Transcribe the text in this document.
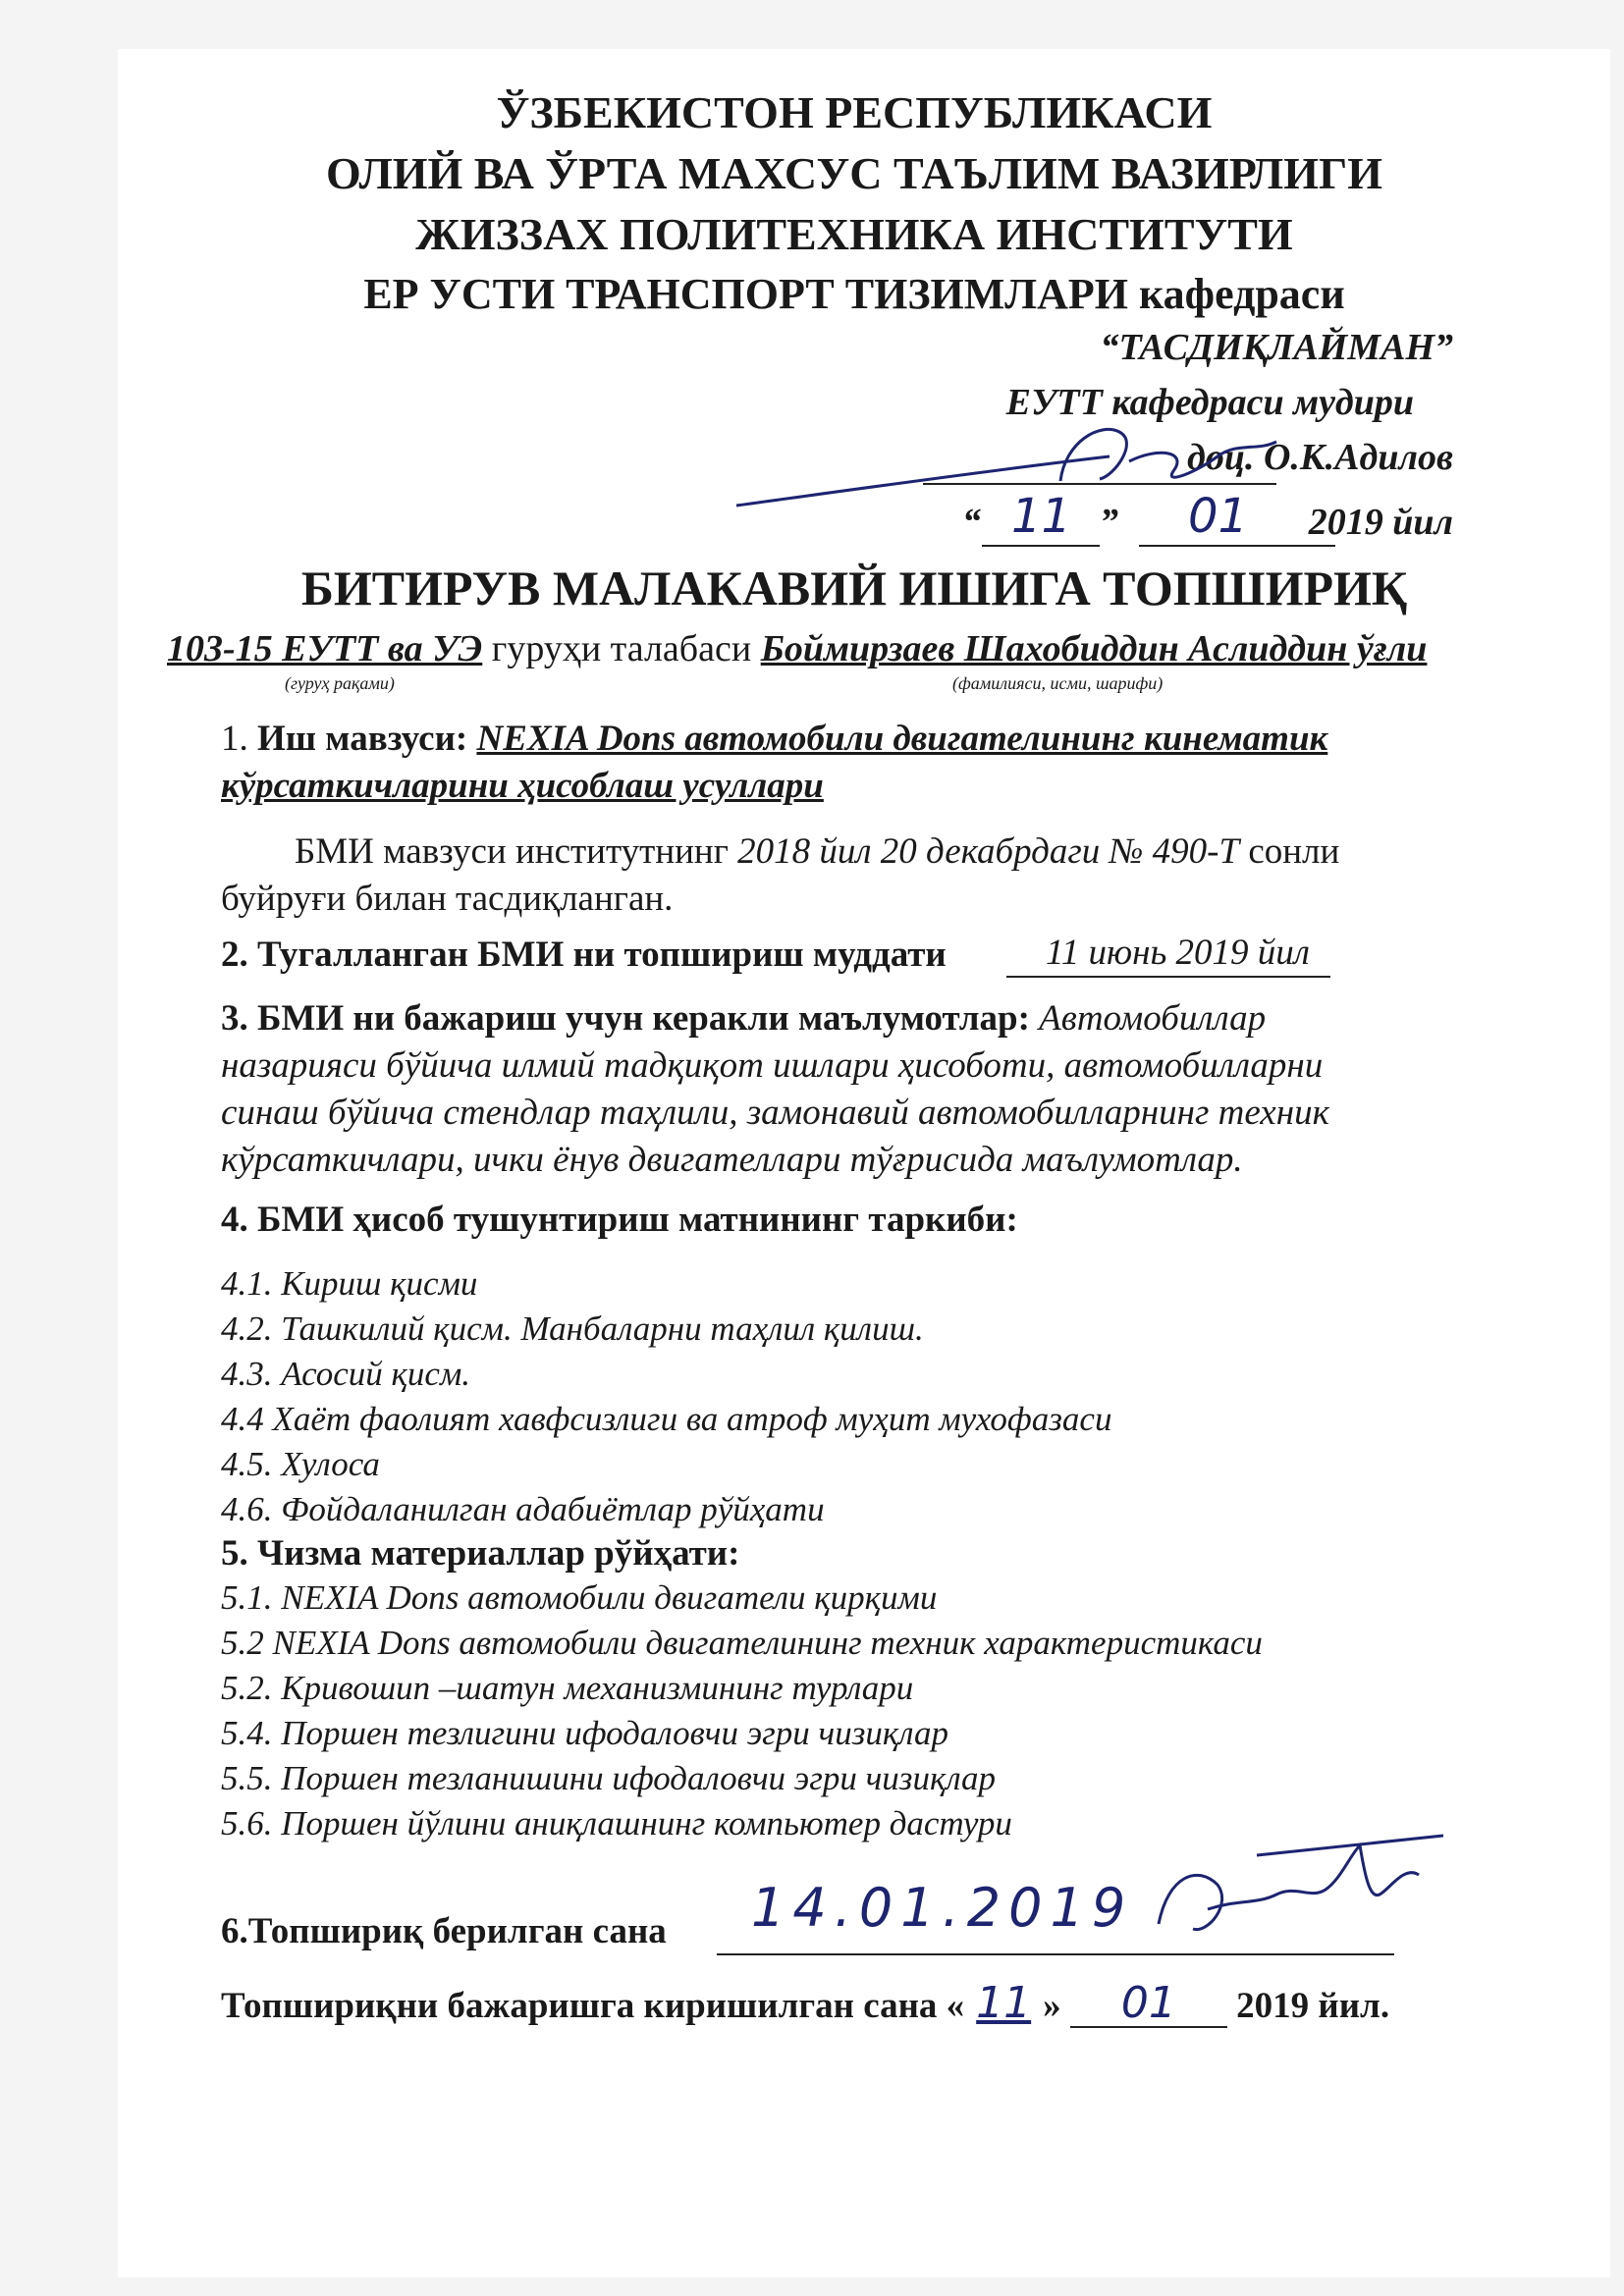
ЎЗБЕКИСТОН РЕСПУБЛИКАСИ
ОЛИЙ ВА ЎРТА МАХСУС ТАЪЛИМ ВАЗИРЛИГИ
ЖИЗЗАХ ПОЛИТЕХНИКА ИНСТИТУТИ
ЕР УСТИ ТРАНСПОРТ ТИЗИМЛАРИ кафедраси
“ТАСДИҚЛАЙМАН”
ЕУТТ кафедраси мудири
доц. О.К.Адилов
“ 11 ”	01 2019 йил
БИТИРУВ МАЛАКАВИЙ ИШИГА ТОПШИРИҚ
103-15 ЕУТТ ва УЭ гуруҳи талабаси Боймирзаев Шахобиддин Аслиддин ўғли
(гуруҳ рақами)	(фамилияси, исми, шарифи)
1. Иш мавзуси: NEXIA Dons автомобили двигателининг кинематик
кўрсаткичларини ҳисоблаш усуллари
БМИ мавзуси институтнинг 2018 йил 20 декабрдаги № 490-Т сонли
буйруғи билан тасдиқланган.
2. Тугалланган БМИ ни топшириш муддати	11 июнь 2019 йил
3. БМИ ни бажариш учун керакли маълумотлар: Автомобиллар
назарияси бўйича илмий тадқиқот ишлари ҳисоботи, автомобилларни
синаш бўйича стендлар таҳлили, замонавий автомобилларнинг техник
кўрсаткичлари, ички ёнув двигателлари тўғрисида маълумотлар.
4. БМИ ҳисоб тушунтириш матнининг таркиби:
4.1. Кириш қисми
4.2. Ташкилий қисм. Манбаларни таҳлил қилиш.
4.3. Асосий қисм.
4.4 Хаёт фаолият хавфсизлиги ва атроф муҳит мухофазаси
4.5. Хулоса
4.6. Фойдаланилган адабиётлар рўйҳати
5. Чизма материаллар рўйҳати:
5.1. NEXIA Dons автомобили двигатели қирқими
5.2 NEXIA Dons автомобили двигателининг техник характеристикаси
5.2. Кривошип –шатун механизмининг турлари
5.4. Поршен тезлигини ифодаловчи эгри чизиқлар
5.5. Поршен тезланишини ифодаловчи эгри чизиқлар
5.6. Поршен йўлини аниқлашнинг компьютер дастури
6.Топшириқ берилган сана 14.01.2019
Топшириқни бажаришга киришилган сана « 11 » 01 2019 йил.
